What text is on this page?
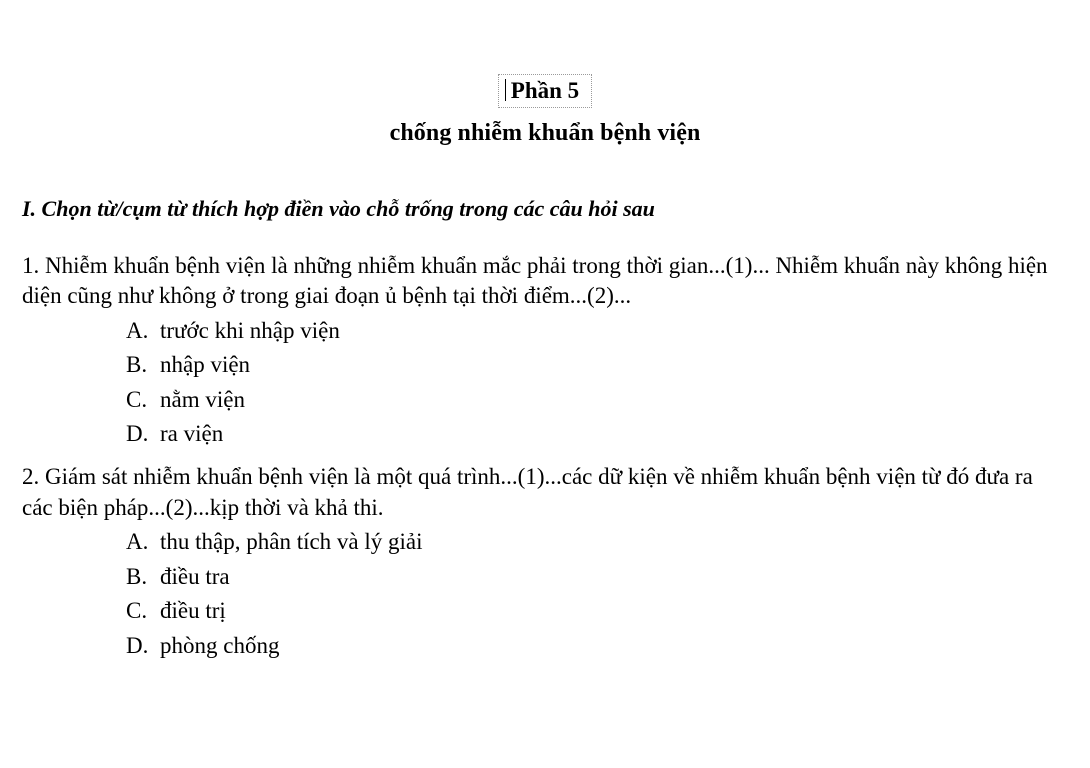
Phần 5
chống nhiễm khuẩn bệnh viện
I. Chọn từ/cụm từ thích hợp điền vào chỗ trống trong các câu hỏi sau
1. Nhiễm khuẩn bệnh viện là những nhiễm khuẩn mắc phải trong thời gian...(1)... Nhiễm khuẩn này không hiện diện cũng như không ở trong giai đoạn ủ bệnh tại thời điểm...(2)...
A. trước khi nhập viện
B. nhập viện
C. nằm viện
D. ra viện
2. Giám sát nhiễm khuẩn bệnh viện là một quá trình...(1)...các dữ kiện về nhiễm khuẩn bệnh viện từ đó đưa ra các biện pháp...(2)...kịp thời và khả thi.
A. thu thập, phân tích và lý giải
B. điều tra
C. điều trị
D. phòng chống
